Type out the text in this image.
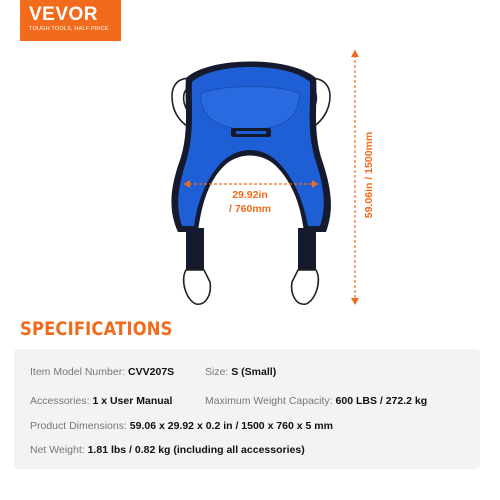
VEVOR
TOUGH TOOLS, HALF PRICE
29.92in
/ 760mm	59.06in / 1500mm
SPECIFICATIONS
Item Model Number: CVV207S	Size: S (Small)
Accessories: 1 x User Manual	Maximum Weight Capacity: 600 LBS / 272.2 kg
Product Dimensions: 59.06 x 29.92 x 0.2 in / 1500 x 760 x 5 mm
Net Weight: 1.81 lbs / 0.82 kg (including all accessories)
